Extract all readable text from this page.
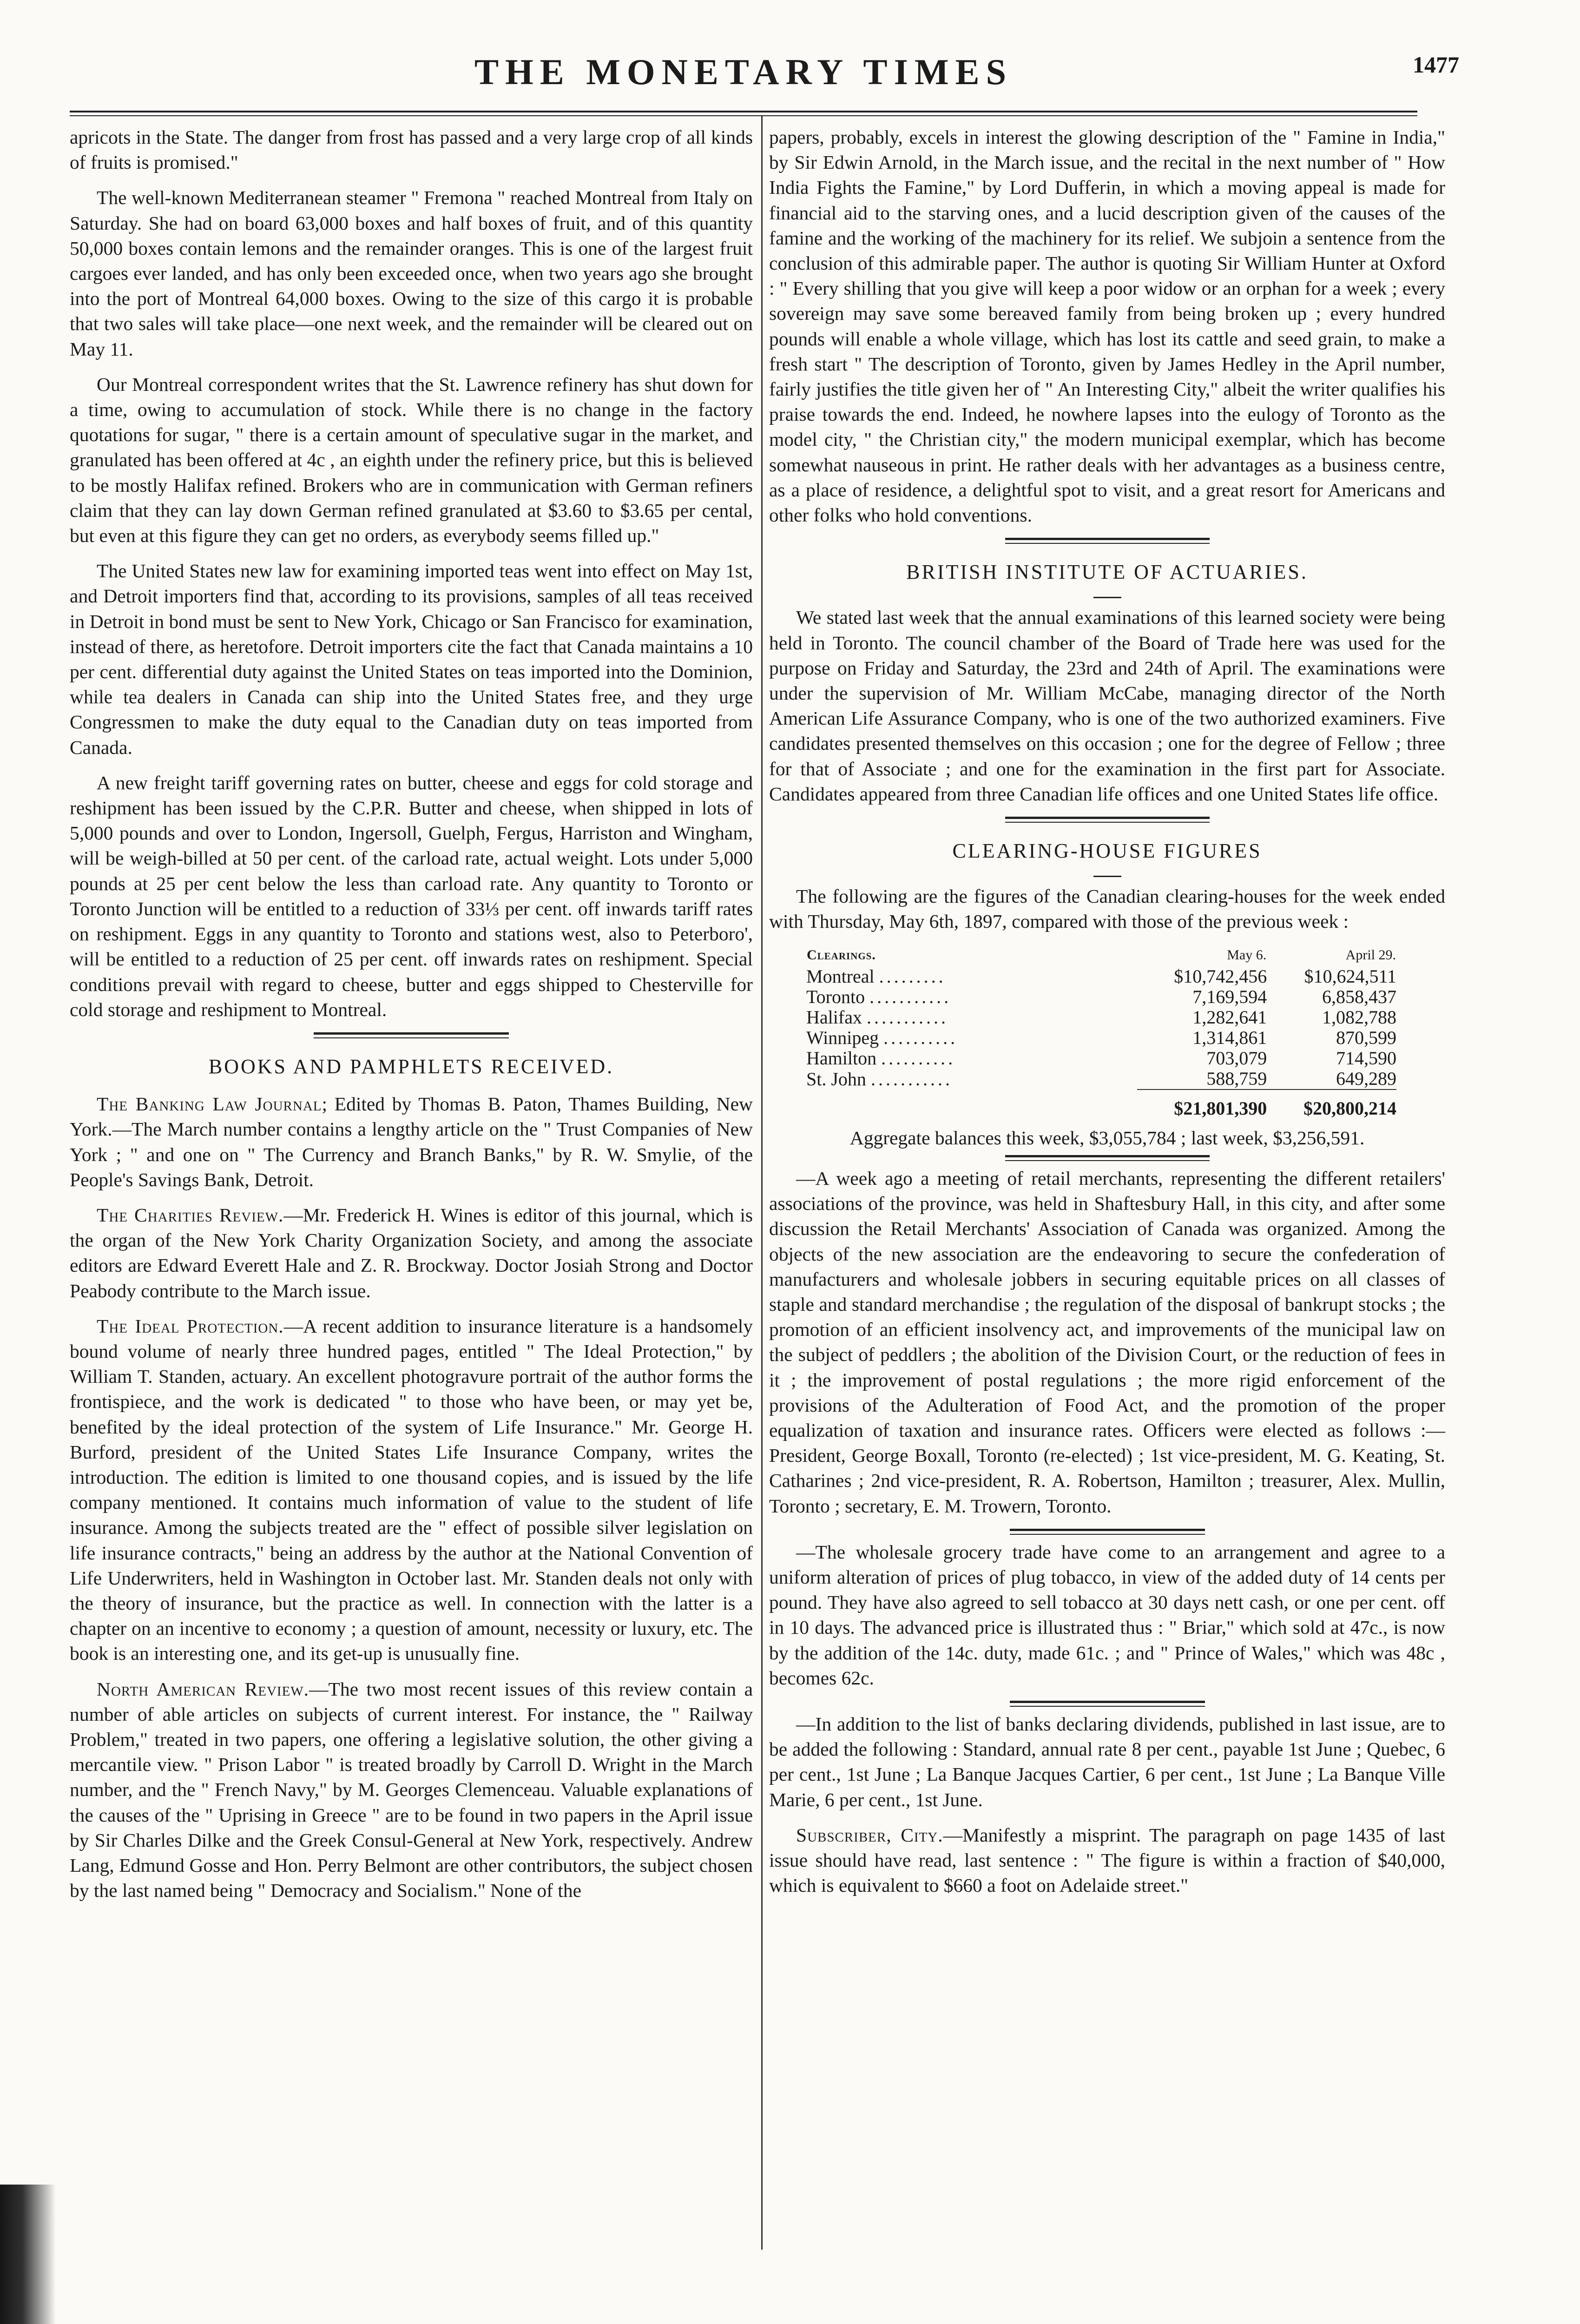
THE MONETARY TIMES	1477

apricots in the State. The danger from frost has passed and a very large crop of all kinds of fruits is promised."

The well-known Mediterranean steamer " Fremona " reached Montreal from Italy on Saturday. She had on board 63,000 boxes and half boxes of fruit, and of this quantity 50,000 boxes contain lemons and the remainder oranges. This is one of the largest fruit cargoes ever landed, and has only been exceeded once, when two years ago she brought into the port of Montreal 64,000 boxes. Owing to the size of this cargo it is probable that two sales will take place—one next week, and the remainder will be cleared out on May 11.

Our Montreal correspondent writes that the St. Lawrence refinery has shut down for a time, owing to accumulation of stock. While there is no change in the factory quotations for sugar, " there is a certain amount of speculative sugar in the market, and granulated has been offered at 4c , an eighth under the refinery price, but this is believed to be mostly Halifax refined. Brokers who are in communication with German refiners claim that they can lay down German refined granulated at $3.60 to $3.65 per cental, but even at this figure they can get no orders, as everybody seems filled up."

The United States new law for examining imported teas went into effect on May 1st, and Detroit importers find that, according to its provisions, samples of all teas received in Detroit in bond must be sent to New York, Chicago or San Francisco for examination, instead of there, as heretofore. Detroit importers cite the fact that Canada maintains a 10 per cent. differential duty against the United States on teas imported into the Dominion, while tea dealers in Canada can ship into the United States free, and they urge Congressmen to make the duty equal to the Canadian duty on teas imported from Canada.

A new freight tariff governing rates on butter, cheese and eggs for cold storage and reshipment has been issued by the C.P.R. Butter and cheese, when shipped in lots of 5,000 pounds and over to London, Ingersoll, Guelph, Fergus, Harriston and Wingham, will be weigh-billed at 50 per cent. of the carload rate, actual weight. Lots under 5,000 pounds at 25 per cent below the less than carload rate. Any quantity to Toronto or Toronto Junction will be entitled to a reduction of 33⅓ per cent. off inwards tariff rates on reshipment. Eggs in any quantity to Toronto and stations west, also to Peterboro', will be entitled to a reduction of 25 per cent. off inwards rates on reshipment. Special conditions prevail with regard to cheese, butter and eggs shipped to Chesterville for cold storage and reshipment to Montreal.

BOOKS AND PAMPHLETS RECEIVED.

The Banking Law Journal; Edited by Thomas B. Paton, Thames Building, New York.—The March number contains a lengthy article on the " Trust Companies of New York ; " and one on " The Currency and Branch Banks," by R. W. Smylie, of the People's Savings Bank, Detroit.

The Charities Review.—Mr. Frederick H. Wines is editor of this journal, which is the organ of the New York Charity Organization Society, and among the associate editors are Edward Everett Hale and Z. R. Brockway. Doctor Josiah Strong and Doctor Peabody contribute to the March issue.

The Ideal Protection.—A recent addition to insurance literature is a handsomely bound volume of nearly three hundred pages, entitled " The Ideal Protection," by William T. Standen, actuary. An excellent photogravure portrait of the author forms the frontispiece, and the work is dedicated " to those who have been, or may yet be, benefited by the ideal protection of the system of Life Insurance." Mr. George H. Burford, president of the United States Life Insurance Company, writes the introduction. The edition is limited to one thousand copies, and is issued by the life company mentioned. It contains much information of value to the student of life insurance. Among the subjects treated are the " effect of possible silver legislation on life insurance contracts," being an address by the author at the National Convention of Life Underwriters, held in Washington in October last. Mr. Standen deals not only with the theory of insurance, but the practice as well. In connection with the latter is a chapter on an incentive to economy ; a question of amount, necessity or luxury, etc. The book is an interesting one, and its get-up is unusually fine.

North American Review.—The two most recent issues of this review contain a number of able articles on subjects of current interest. For instance, the " Railway Problem," treated in two papers, one offering a legislative solution, the other giving a mercantile view. " Prison Labor " is treated broadly by Carroll D. Wright in the March number, and the " French Navy," by M. Georges Clemenceau. Valuable explanations of the causes of the " Uprising in Greece " are to be found in two papers in the April issue by Sir Charles Dilke and the Greek Consul-General at New York, respectively. Andrew Lang, Edmund Gosse and Hon. Perry Belmont are other contributors, the subject chosen by the last named being " Democracy and Socialism." None of the

papers, probably, excels in interest the glowing description of the " Famine in India," by Sir Edwin Arnold, in the March issue, and the recital in the next number of " How India Fights the Famine," by Lord Dufferin, in which a moving appeal is made for financial aid to the starving ones, and a lucid description given of the causes of the famine and the working of the machinery for its relief. We subjoin a sentence from the conclusion of this admirable paper. The author is quoting Sir William Hunter at Oxford : " Every shilling that you give will keep a poor widow or an orphan for a week ; every sovereign may save some bereaved family from being broken up ; every hundred pounds will enable a whole village, which has lost its cattle and seed grain, to make a fresh start " The description of Toronto, given by James Hedley in the April number, fairly justifies the title given her of " An Interesting City," albeit the writer qualifies his praise towards the end. Indeed, he nowhere lapses into the eulogy of Toronto as the model city, " the Christian city," the modern municipal exemplar, which has become somewhat nauseous in print. He rather deals with her advantages as a business centre, as a place of residence, a delightful spot to visit, and a great resort for Americans and other folks who hold conventions.

BRITISH INSTITUTE OF ACTUARIES.

We stated last week that the annual examinations of this learned society were being held in Toronto. The council chamber of the Board of Trade here was used for the purpose on Friday and Saturday, the 23rd and 24th of April. The examinations were under the supervision of Mr. William McCabe, managing director of the North American Life Assurance Company, who is one of the two authorized examiners. Five candidates presented themselves on this occasion ; one for the degree of Fellow ; three for that of Associate ; and one for the examination in the first part for Associate. Candidates appeared from three Canadian life offices and one United States life office.

CLEARING-HOUSE FIGURES

The following are the figures of the Canadian clearing-houses for the week ended with Thursday, May 6th, 1897, compared with those of the previous week :

Clearings.	May 6.	April 29.
Montreal .........	$10,742,456	$10,624,511
Toronto ...........	7,169,594	6,858,437
Halifax ...........	1,282,641	1,082,788
Winnipeg ..........	1,314,861	870,599
Hamilton ..........	703,079	714,590
St. John ...........	588,759	649,289
	$21,801,390	$20,800,214
Aggregate balances this week, $3,055,784 ; last week, $3,256,591.

—A week ago a meeting of retail merchants, representing the different retailers' associations of the province, was held in Shaftesbury Hall, in this city, and after some discussion the Retail Merchants' Association of Canada was organized. Among the objects of the new association are the endeavoring to secure the confederation of manufacturers and wholesale jobbers in securing equitable prices on all classes of staple and standard merchandise ; the regulation of the disposal of bankrupt stocks ; the promotion of an efficient insolvency act, and improvements of the municipal law on the subject of peddlers ; the abolition of the Division Court, or the reduction of fees in it ; the improvement of postal regulations ; the more rigid enforcement of the provisions of the Adulteration of Food Act, and the promotion of the proper equalization of taxation and insurance rates. Officers were elected as follows :— President, George Boxall, Toronto (re-elected) ; 1st vice-president, M. G. Keating, St. Catharines ; 2nd vice-president, R. A. Robertson, Hamilton ; treasurer, Alex. Mullin, Toronto ; secretary, E. M. Trowern, Toronto.

—The wholesale grocery trade have come to an arrangement and agree to a uniform alteration of prices of plug tobacco, in view of the added duty of 14 cents per pound. They have also agreed to sell tobacco at 30 days nett cash, or one per cent. off in 10 days. The advanced price is illustrated thus : " Briar," which sold at 47c., is now by the addition of the 14c. duty, made 61c. ; and " Prince of Wales," which was 48c , becomes 62c.

—In addition to the list of banks declaring dividends, published in last issue, are to be added the following : Standard, annual rate 8 per cent., payable 1st June ; Quebec, 6 per cent., 1st June ; La Banque Jacques Cartier, 6 per cent., 1st June ; La Banque Ville Marie, 6 per cent., 1st June.

Subscriber, City.—Manifestly a misprint. The paragraph on page 1435 of last issue should have read, last sentence : " The figure is within a fraction of $40,000, which is equivalent to $660 a foot on Adelaide street."
